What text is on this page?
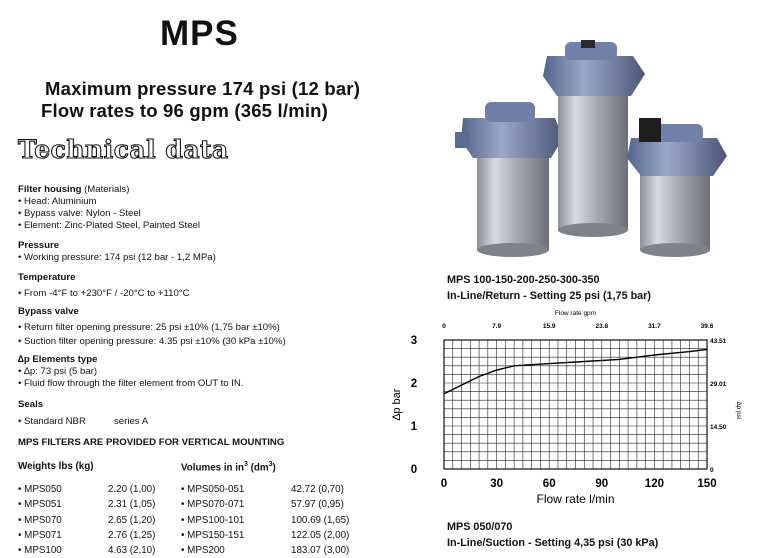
MPS
Maximum pressure 174 psi (12 bar)
Flow rates to 96 gpm (365 l/min)
Technical data
Filter housing (Materials)
• Head: Aluminium
• Bypass valve: Nylon - Steel
• Element: Zinc-Plated Steel, Painted Steel
Pressure
• Working pressure: 174 psi (12 bar - 1,2 MPa)
Temperature
• From -4°F to +230°F / -20°C to +110°C
Bypass valve
• Return filter opening pressure: 25 psi ±10% (1,75 bar ±10%)
• Suction filter opening pressure: 4.35 psi ±10% (30 kPa ±10%)
∆p Elements type
• ∆p: 73 psi (5 bar)
• Fluid flow through the filter element from OUT to IN.
Seals
• Standard NBR	series A
MPS FILTERS ARE PROVIDED FOR VERTICAL MOUNTING
Weights lbs (kg)	Volumes in $in^3$ $(dm^3)$
• MPS050	2.20 (1,00)
• MPS051	2.31 (1,05)
• MPS070	2.65 (1,20)
• MPS071	2.76 (1,25)
• MPS100	4.63 (2,10)
• MPS050-051	42.72 (0,70)
• MPS070-071	57.97 (0,95)
• MPS100-101	100.69 (1,65)
• MPS150-151	122.05 (2,00)
• MPS200	183.07 (3,00)
MPS 100-150-200-250-300-350
In-Line/Return - Setting 25 psi (1,75 bar)
MPS 050/070
In-Line/Suction - Setting 4,35 psi (30 kPa)
0	30	60	90	120	150
0	7.9	15.9	23.8	31.7	39.6
0
1
2
3
0
14.50
29.01
43.51
Flow rate l/min
Flow rate gpm
∆p bar	∆p psi
